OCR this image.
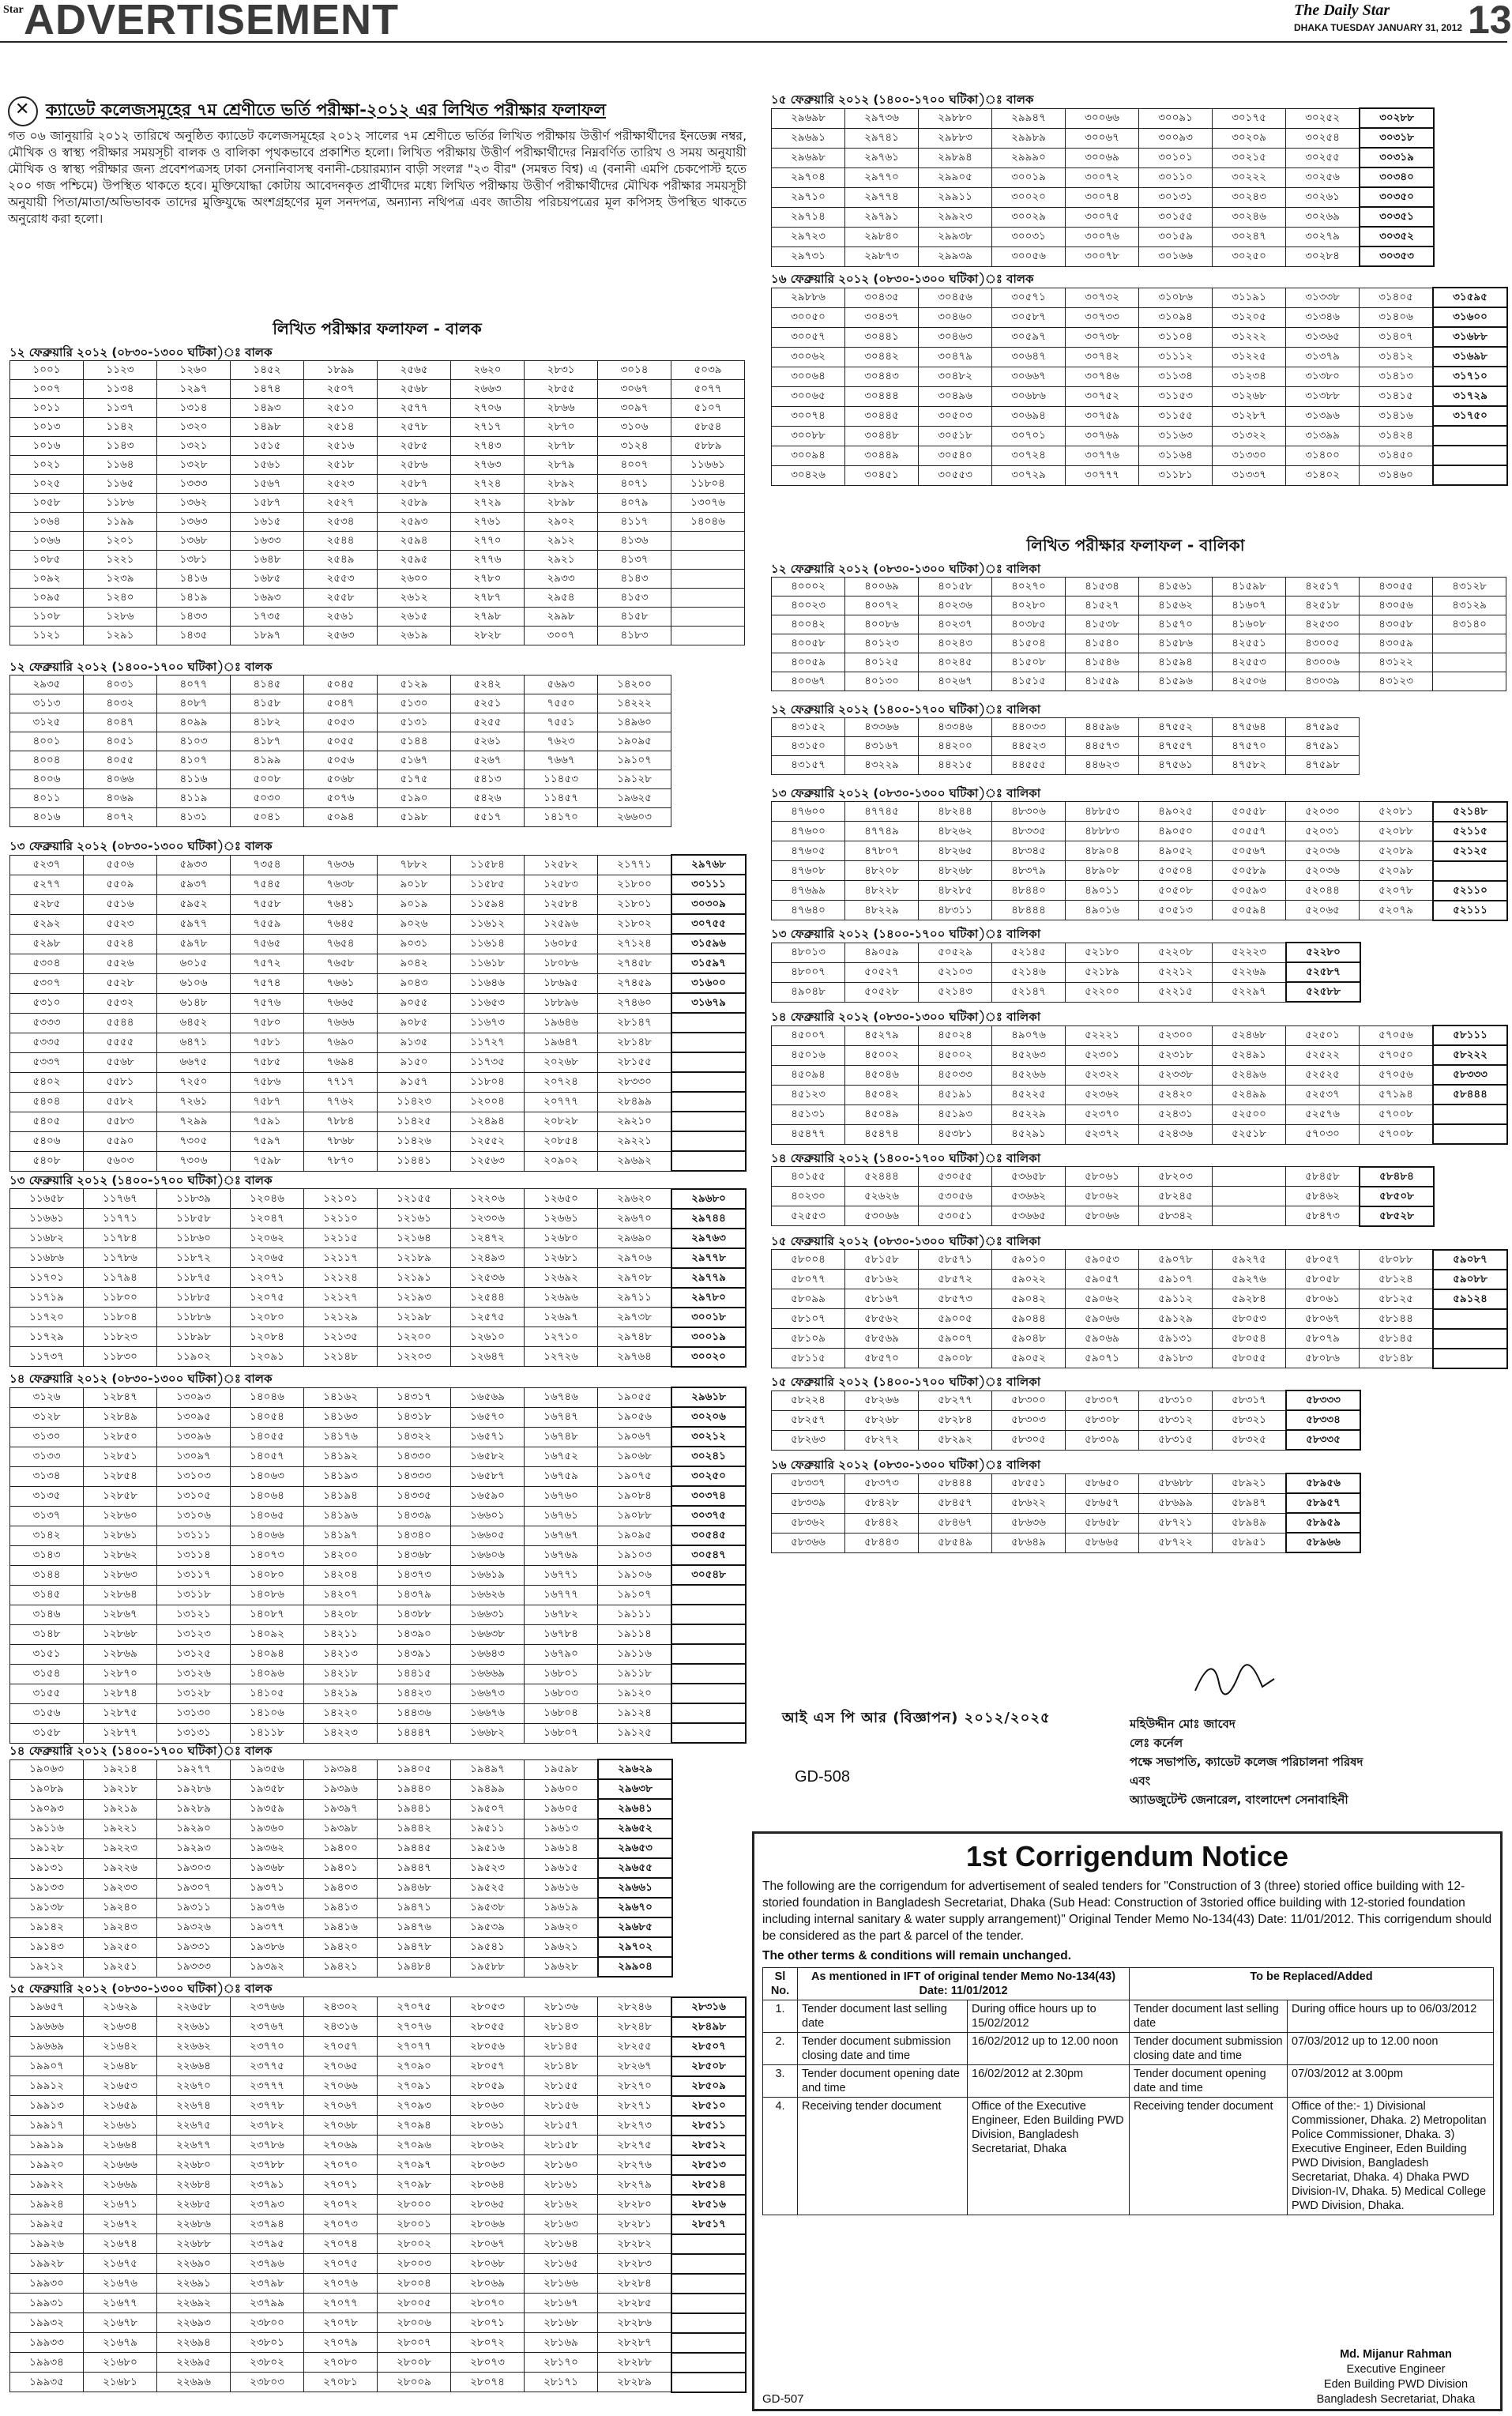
Star ADVERTISEMENT	The Daily Star
DHAKA TUESDAY JANUARY 31, 2012 13
✕
ক্যাডেট কলেজসমূহের ৭ম শ্রেণীতে ভর্তি পরীক্ষা-২০১২ এর লিখিত পরীক্ষার ফলাফল

গত ০৬ জানুয়ারি ২০১২ তারিখে অনুষ্ঠিত ক্যাডেট কলেজসমূহের ২০১২ সালের ৭ম শ্রেণীতে ভর্তির লিখিত পরীক্ষায় উত্তীর্ণ পরীক্ষার্থীদের ইনডেক্স নম্বর, মৌখিক ও স্বাস্থ্য পরীক্ষার সময়সূচী বালক ও বালিকা পৃথকভাবে প্রকাশিত হলো। লিখিত পরীক্ষায় উত্তীর্ণ পরীক্ষার্থীদের নিম্নবর্ণিত তারিখ ও সময় অনুযায়ী মৌখিক ও স্বাস্থ্য পরীক্ষার জন্য প্রবেশপত্রসহ ঢাকা সেনানিবাসস্থ বনানী-চেয়ারম্যান বাড়ী সংলগ্ন "২৩ বীর" (সমন্বত বিশ্ব) এ (বনানী এমপি চেকপোস্ট হতে ২০০ গজ পশ্চিমে) উপস্থিত থাকতে হবে। মুক্তিযোদ্ধা কোটায় আবেদনকৃত প্রার্থীদের মধ্যে লিখিত পরীক্ষায় উত্তীর্ণ পরীক্ষার্থীদের মৌখিক পরীক্ষার সময়সূচী অনুযায়ী পিতা/মাতা/অভিভাবক তাদের মুক্তিযুদ্ধে অংশগ্রহণের মূল সনদপত্র, অন্যান্য নথিপত্র এবং জাতীয় পরিচয়পত্রের মূল কপিসহ উপস্থিত থাকতে অনুরোধ করা হলো।

লিখিত পরীক্ষার ফলাফল - বালক
লিখিত পরীক্ষার ফলাফল - বালিকা
১২ ফেব্রুয়ারি ২০১২ (০৮৩০-১৩০০ ঘটিকা)ঃ বালক
১০০১	১১২৩	১২৬০	১৪৫২	১৮৯৯	২৫৬৫	২৬২০	২৮৩১	৩০১৪	৫০৩৯
১০০৭	১১৩৪	১২৯৭	১৪৭৪	২৫০৭	২৫৬৮	২৬৬৩	২৮৫৫	৩০৬৭	৫০৭৭
১০১১	১১৩৭	১৩১৪	১৪৯৩	২৫১০	২৫৭৭	২৭০৬	২৮৬৬	৩০৯৭	৫১০৭
১০১৩	১১৪২	১৩২০	১৪৯৮	২৫১৪	২৫৭৮	২৭১৭	২৮৭০	৩১০৬	৫৮৫৪
১০১৬	১১৪৩	১৩২১	১৫১৫	২৫১৬	২৫৮৫	২৭৪৩	২৮৭৮	৩১২৪	৫৮৮৯
১০২১	১১৬৪	১৩২৮	১৫৬১	২৫১৮	২৫৮৬	২৭৬৩	২৮৭৯	৪০০৭	১১৬৬১
১০২৫	১১৬৫	১৩৩৩	১৫৬৭	২৫২৩	২৫৮৭	২৭২৪	২৮৯২	৪০৭১	১১৮০৪
১০৫৮	১১৮৬	১৩৬২	১৫৮৭	২৫২৭	২৫৮৯	২৭২৯	২৮৯৮	৪০৭৯	১৩০৭৬
১০৬৪	১১৯৯	১৩৬৩	১৬১৫	২৫৩৪	২৫৯৩	২৭৬১	২৯০২	৪১১৭	১৪০৪৬
১০৬৬	১২০১	১৩৬৮	১৬৩৩	২৫৪৪	২৫৯৪	২৭৭০	২৯১২	৪১৩৬	
১০৮৫	১২২১	১৩৮১	১৬৪৮	২৫৪৯	২৫৯৫	২৭৭৬	২৯২১	৪১৩৭	
১০৯২	১২৩৯	১৪১৬	১৬৮৫	২৫৫৩	২৬০০	২৭৮০	২৯৩৩	৪১৪৩	
১০৯৫	১২৪০	১৪১৯	১৬৯৩	২৫৫৮	২৬১২	২৭৮৭	২৯৫৪	৪১৫৩	
১১০৮	১২৮৬	১৪৩৩	১৭৩৫	২৫৬১	২৬১৫	২৭৯৮	২৯৯৮	৪১৫৮	
১১২১	১২৯১	১৪৩৫	১৮৯৭	২৫৬৩	২৬১৯	২৮২৮	৩০০৭	৪১৮৩	
১২ ফেব্রুয়ারি ২০১২ (১৪০০-১৭০০ ঘটিকা)ঃ বালক
২৯৩৫	৪০৩১	৪০৭৭	৪১৪৫	৫০৪৫	৫১২৯	৫২৪২	৫৬৯৩	১৪২০০
৩১১৩	৪০৩২	৪০৮৭	৪১৫৮	৫০৪৭	৫১৩০	৫২৫১	৭৫৫০	১৪২২২
৩১২৫	৪০৪৭	৪০৯৯	৪১৮২	৫০৫৩	৫১৩১	৫২৫৫	৭৫৫১	১৪৯৬০
৪০০১	৪০৫১	৪১০৩	৪১৮৭	৫০৫৫	৫১৪৪	৫২৬১	৭৬২৩	১৯০৯৫
৪০০৪	৪০৫৫	৪১০৭	৪১৯৯	৫০৫৬	৫১৬৭	৫২৬৭	৭৬৬৭	১৯১০৭
৪০০৬	৪০৬৬	৪১১৬	৫০০৮	৫০৬৮	৫১৭৫	৫৪১৩	১১৪৫৩	১৯১২৮
৪০১১	৪০৬৯	৪১১৯	৫০৩০	৫০৭৬	৫১৯০	৫৪২৬	১১৪৫৭	১৯৬২৫
৪০১৬	৪০৭২	৪১৩১	৫০৪১	৫০৯৪	৫১৯৮	৫৫১৭	১৪১৭০	২৬৬০৩
১৩ ফেব্রুয়ারি ২০১২ (০৮৩০-১৩০০ ঘটিকা)ঃ বালক
৫২৩৭	৫৫০৬	৫৯৩৩	৭৩৫৪	৭৬৩৬	৭৮৮২	১১৫৮৪	১২৫৮২	২১৭৭১	২৯৭৬৮
৫২৭৭	৫৫০৯	৫৯৩৭	৭৫৪৫	৭৬৩৮	৯০১৮	১১৫৮৫	১২৫৮৩	২১৮০০	৩০১১১
৫২৮৫	৫৫১৬	৫৯৫২	৭৫৫৮	৭৬৪১	৯০১৯	১১৫৯৪	১২৫৮৪	২১৮০১	৩০৩০৯
৫২৯২	৫৫২৩	৫৯৭৭	৭৫৫৯	৭৬৪৫	৯০২৬	১১৬১২	১২৫৯৬	২১৮০২	৩০৭৫৫
৫২৯৮	৫৫২৪	৫৯৭৮	৭৫৬৫	৭৬৫৪	৯০৩১	১১৬১৪	১৬০৮৫	২৭১২৪	৩১৫৯৬
৫৩০৪	৫৫২৬	৬০১৫	৭৫৭২	৭৬৫৮	৯০৪২	১১৬১৮	১৮০৮৬	২৭৪৫৮	৩১৫৯৭
৫৩০৭	৫৫২৮	৬১০৬	৭৫৭৪	৭৬৬১	৯০৪৩	১১৬৪৬	১৮৬৯৫	২৭৪৫৯	৩১৬০০
৫৩১০	৫৫৩২	৬১৪৮	৭৫৭৬	৭৬৬৫	৯০৫৫	১১৬৫৩	১৮৮৯৬	২৭৪৬০	৩১৬৭৯
৫৩৩৩	৫৫৪৪	৬৪৫২	৭৫৮০	৭৬৬৬	৯০৮৫	১১৬৭৩	১৯৬৪৬	২৮১৪৭	
৫৩৩৫	৫৫৫৫	৬৪৭১	৭৫৮১	৭৬৯০	৯১৩৫	১১৭২৭	১৯৬৪৭	২৮১৪৮	
৫৩৩৭	৫৫৬৮	৬৬৭৫	৭৫৮৫	৭৬৯৪	৯১৫০	১১৭৩৫	২০২৬৮	২৮১৫৫	
৫৪০২	৫৫৮১	৭২৫০	৭৫৮৬	৭৭১৭	৯১৫৭	১১৮০৪	২০৭২৪	২৮৩৩০	
৫৪০৪	৫৫৮২	৭২৬১	৭৫৮৭	৭৭৬২	১১৪২৩	১২০০৪	২০৭৭৭	২৮৪৯৯	
৫৪০৫	৫৫৮৩	৭২৯৯	৭৫৯১	৭৮৮৪	১১৪২৫	১২৪৯৪	২০৮২৮	২৯২১০	
৫৪০৬	৫৫৯০	৭৩০৫	৭৫৯৭	৭৮৬৮	১১৪২৬	১২৫৫২	২০৮৫৪	২৯২২১	
৫৪০৮	৫৬০৩	৭৩০৬	৭৫৯৮	৭৮৭০	১১৪৪১	১২৫৬৩	২০৯০২	২৯৬৯২	
১৩ ফেব্রুয়ারি ২০১২ (১৪০০-১৭০০ ঘটিকা)ঃ বালক
১১৬৫৮	১১৭৬৭	১১৮৩৯	১২০৪৬	১২১০১	১২১৫৫	১২২০৬	১২৬৫০	২৯৬২০	২৯৬৮০
১১৬৬১	১১৭৭১	১১৮৫৮	১২০৪৭	১২১১০	১২১৬১	১২৩০৬	১২৬৬১	২৯৬৭০	২৯৭৪৪
১১৬৮২	১১৭৮৪	১১৮৬০	১২০৬২	১২১১৫	১২১৬৪	১২৪৭২	১২৬৮০	২৯৬৯০	২৯৭৬৩
১১৬৮৬	১১৭৮৬	১১৮৭২	১২০৬৫	১২১১৭	১২১৮৯	১২৪৯৩	১২৬৮১	২৯৭০৬	২৯৭৭৮
১১৭০১	১১৭৯৪	১১৮৭৫	১২০৭১	১২১২৪	১২১৯১	১২৫৩৬	১২৬৯২	২৯৭০৮	২৯৭৭৯
১১৭১৯	১১৮০০	১১৮৮৫	১২০৭৫	১২১২৭	১২১৯৩	১২৫৪৪	১২৬৯৬	২৯৭১১	২৯৭৮০
১১৭২০	১১৮০৪	১১৮৮৬	১২০৮০	১২১২৯	১২১৯৮	১২৫৭৫	১২৬৯৭	২৯৭৩৮	৩০০১৮
১১৭২৯	১১৮২৩	১১৮৯৮	১২০৮৪	১২১৩৫	১২২০০	১২৬১০	১২৭১০	২৯৭৪৮	৩০০১৯
১১৭৩৭	১১৮৩০	১১৯০২	১২০৯১	১২১৪৮	১২২০৩	১২৬৪৭	১২৭২৬	২৯৭৬৪	৩০০২০
১৪ ফেব্রুয়ারি ২০১২ (০৮৩০-১৩০০ ঘটিকা)ঃ বালক
৩১২৬	১২৮৪৭	১৩০৯৩	১৪০৪৬	১৪১৬২	১৪৩১৭	১৬৫৬৯	১৬৭৪৬	১৯০৫৫	২৯৬১৮
৩১২৮	১২৮৪৯	১৩০৯৫	১৪০৫৪	১৪১৬৩	১৪৩১৮	১৬৫৭০	১৬৭৪৭	১৯০৫৬	৩০২০৬
৩১৩০	১২৮৫০	১৩০৯৬	১৪০৫৫	১৪১৭৬	১৪৩২২	১৬৫৭১	১৬৭৪৮	১৯০৬৭	৩০২১২
৩১৩৩	১২৮৫১	১৩০৯৭	১৪০৫৭	১৪১৯২	১৪৩৩০	১৬৫৮২	১৬৭৫২	১৯০৬৮	৩০২৪১
৩১৩৪	১২৮৫৪	১৩১০৩	১৪০৬৩	১৪১৯৩	১৪৩৩৩	১৬৫৮৭	১৬৭৫৯	১৯০৭৫	৩০২৫০
৩১৩৫	১২৮৫৮	১৩১০৫	১৪০৬৪	১৪১৯৪	১৪৩৩৫	১৬৫৯০	১৬৭৬০	১৯০৮৪	৩০৩৭৪
৩১৩৭	১২৮৬০	১৩১০৬	১৪০৬৫	১৪১৯৬	১৪৩৩৯	১৬৬০১	১৬৭৬১	১৯০৮৮	৩০৩৭৫
৩১৪২	১২৮৬১	১৩১১১	১৪০৬৬	১৪১৯৭	১৪৩৪০	১৬৬০৫	১৬৭৬৭	১৯০৯৫	৩০৫৪৫
৩১৪৩	১২৮৬২	১৩১১৪	১৪০৭৩	১৪২০০	১৪৩৬৮	১৬৬০৬	১৬৭৬৯	১৯১০৩	৩০৫৪৭
৩১৪৪	১২৮৬৩	১৩১১৭	১৪০৮০	১৪২০৪	১৪৩৭৩	১৬৬১৯	১৬৭৭১	১৯১০৬	৩০৫৪৮
৩১৪৫	১২৮৬৪	১৩১১৮	১৪০৮৬	১৪২০৭	১৪৩৭৯	১৬৬২৬	১৬৭৭৭	১৯১০৭	
৩১৪৬	১২৮৬৭	১৩১২১	১৪০৮৭	১৪২০৮	১৪৩৮৮	১৬৬৩১	১৬৭৮২	১৯১১১	
৩১৪৮	১২৮৬৮	১৩১২৩	১৪০৯২	১৪২১১	১৪৩৯০	১৬৬৩৮	১৬৭৮৪	১৯১১৪	
৩১৫১	১২৮৬৯	১৩১২৫	১৪০৯৪	১৪২১৩	১৪৩৯১	১৬৬৪৩	১৬৭৯০	১৯১১৬	
৩১৫৪	১২৮৭০	১৩১২৬	১৪০৯৬	১৪২১৮	১৪৪১৫	১৬৬৬৯	১৬৮০১	১৯১১৮	
৩১৫৫	১২৮৭৪	১৩১২৮	১৪১০৫	১৪২১৯	১৪৪২৩	১৬৬৭৩	১৬৮০৩	১৯১২০	
৩১৫৬	১২৮৭৫	১৩১৩০	১৪১০৬	১৪২২০	১৪৪৩৬	১৬৬৭৬	১৬৮০৪	১৯১২৪	
৩১৫৮	১২৮৭৭	১৩১৩১	১৪১১৮	১৪২২৩	১৪৪৪৭	১৬৬৮২	১৬৮০৭	১৯১২৫	
১৪ ফেব্রুয়ারি ২০১২ (১৪০০-১৭০০ ঘটিকা)ঃ বালক
১৯০৬৩	১৯২১৪	১৯২৭৭	১৯৩৫৬	১৯৩৯৪	১৯৪০৫	১৯৪৯৭	১৯৫৯৮	২৯৬২৯
১৯০৮৯	১৯২১৮	১৯২৮৬	১৯৩৫৮	১৯৩৯৬	১৯৪৪০	১৯৪৯৯	১৯৬০০	২৯৬৩৮
১৯০৯৩	১৯২১৯	১৯২৮৯	১৯৩৫৯	১৯৩৯৭	১৯৪৪১	১৯৫০৭	১৯৬০৫	২৯৬৪১
১৯১১৬	১৯২২১	১৯২৯০	১৯৩৬০	১৯৩৯৮	১৯৪৪২	১৯৫১১	১৯৬১৩	২৯৬৫২
১৯১২৮	১৯২২৩	১৯২৯৩	১৯৩৬২	১৯৪০০	১৯৪৪৫	১৯৫১৬	১৯৬১৪	২৯৬৫৩
১৯১৩১	১৯২২৬	১৯৩০৩	১৯৩৬৮	১৯৪০১	১৯৪৪৭	১৯৫২৩	১৯৬১৫	২৯৬৫৫
১৯১৩৩	১৯২৩৩	১৯৩০৭	১৯৩৭১	১৯৪০৩	১৯৪৬৮	১৯৫২৫	১৯৬১৬	২৯৬৬১
১৯১৩৮	১৯২৪০	১৯৩১১	১৯৩৭৬	১৯৪১৩	১৯৪৭১	১৯৫৩৮	১৯৬১৯	২৯৬৭০
১৯১৪২	১৯২৪৩	১৯৩২৬	১৯৩৭৭	১৯৪১৬	১৯৪৭৬	১৯৫৩৯	১৯৬২০	২৯৬৮৫
১৯১৪৩	১৯২৫০	১৯৩৩১	১৯৩৮৬	১৯৪২০	১৯৪৭৮	১৯৫৪১	১৯৬২১	২৯৭০২
১৯২১২	১৯২৫১	১৯৩৩৩	১৯৩৯২	১৯৪২১	১৯৪৮৪	১৯৫৮৮	১৯৬২৮	২৯৯০৪
১৫ ফেব্রুয়ারি ২০১২ (০৮৩০-১৩০০ ঘটিকা)ঃ বালক
১৯৬৫৭	২১৬২৯	২২৬৫৮	২৩৭৬৬	২৪৩০২	২৭০৭৫	২৮০৫৩	২৮১৩৬	২৮২৪৬	২৮৩১৬
১৯৬৬৬	২১৬৩৪	২২৬৬১	২৩৭৬৭	২৪৩১৬	২৭০৭৬	২৮০৫৫	২৮১৪৩	২৮২৪৮	২৮৪৯৮
১৯৬৬৯	২১৬৪২	২২৬৬২	২৩৭৭০	২৭০৫৭	২৭০৭৭	২৮০৫৬	২৮১৪৫	২৮২৫৫	২৮৫০৭
১৯৯০৭	২১৬৪৮	২২৬৬৪	২৩৭৭৫	২৭০৬৫	২৭০৯০	২৮০৫৭	২৮১৪৮	২৮২৬৭	২৮৫০৮
১৯৯১২	২১৬৫৩	২২৬৭০	২৩৭৭৭	২৭০৬৬	২৭০৯১	২৮০৫৯	২৮১৫৫	২৮২৭০	২৮৫০৯
১৯৯১৩	২১৬৫৯	২২৬৭৪	২৩৭৭৮	২৭০৬৭	২৭০৯৩	২৮০৬০	২৮১৫৬	২৮২৭১	২৮৫১০
১৯৯১৭	২১৬৬১	২২৬৭৫	২৩৭৮২	২৭০৬৮	২৭০৯৪	২৮০৬১	২৮১৫৭	২৮২৭৩	২৮৫১১
১৯৯১৯	২১৬৬৪	২২৬৭৭	২৩৭৮৬	২৭০৬৯	২৭০৯৬	২৮০৬২	২৮১৫৮	২৮২৭৫	২৮৫১২
১৯৯২০	২১৬৬৬	২২৬৮০	২৩৭৮৮	২৭০৭০	২৭০৯৭	২৮০৬৩	২৮১৬০	২৮২৭৬	২৮৫১৩
১৯৯২২	২১৬৬৯	২২৬৮৪	২৩৭৯১	২৭০৭১	২৭০৯৮	২৮০৬৪	২৮১৬১	২৮২৭৯	২৮৫১৪
১৯৯২৪	২১৬৭১	২২৬৮৫	২৩৭৯৩	২৭০৭২	২৮০০০	২৮০৬৫	২৮১৬২	২৮২৮০	২৮৫১৬
১৯৯২৫	২১৬৭২	২২৬৮৬	২৩৭৯৪	২৭০৭৩	২৮০০১	২৮০৬৬	২৮১৬৩	২৮২৮১	২৮৫১৭
১৯৯২৬	২১৬৭৪	২২৬৮৮	২৩৭৯৫	২৭০৭৪	২৮০০২	২৮০৬৭	২৮১৬৪	২৮২৮২	
১৯৯২৮	২১৬৭৫	২২৬৯০	২৩৭৯৬	২৭০৭৫	২৮০০৩	২৮০৬৮	২৮১৬৫	২৮২৮৩	
১৯৯৩০	২১৬৭৬	২২৬৯১	২৩৭৯৮	২৭০৭৬	২৮০০৪	২৮০৬৯	২৮১৬৬	২৮২৮৪	
১৯৯৩১	২১৬৭৭	২২৬৯২	২৩৭৯৯	২৭০৭৭	২৮০০৫	২৮০৭০	২৮১৬৭	২৮২৮৫	
১৯৯৩২	২১৬৭৮	২২৬৯৩	২৩৮০০	২৭০৭৮	২৮০০৬	২৮০৭১	২৮১৬৮	২৮২৮৬	
১৯৯৩৩	২১৬৭৯	২২৬৯৪	২৩৮০১	২৭০৭৯	২৮০০৭	২৮০৭২	২৮১৬৯	২৮২৮৭	
১৯৯৩৪	২১৬৮০	২২৬৯৫	২৩৮০২	২৭০৮০	২৮০০৮	২৮০৭৩	২৮১৭০	২৮২৮৮	
১৯৯৩৫	২১৬৮১	২২৬৯৬	২৩৮০৩	২৭০৮১	২৮০০৯	২৮০৭৪	২৮১৭১	২৮২৮৯	
১৫ ফেব্রুয়ারি ২০১২ (১৪০০-১৭০০ ঘটিকা)ঃ বালক
২৯৬৯৮	২৯৭৩৬	২৯৮৮০	২৯৯৪৭	৩০০৬৬	৩০০৯১	৩০১৭৫	৩০২৫২	৩০২৮৮
২৯৬৯১	২৯৭৪১	২৯৮৮৩	২৯৯৮৯	৩০০৬৭	৩০০৯৩	৩০২০৯	৩০২৫৪	৩০৩১৮
২৯৬৯৮	২৯৭৬১	২৯৮৯৪	২৯৯৯০	৩০০৬৯	৩০১০১	৩০২১৫	৩০২৫৫	৩০৩১৯
২৯৭০৪	২৯৭৭০	২৯৯০৫	৩০০১৯	৩০০৭২	৩০১১০	৩০২২২	৩০২৫৬	৩০৩৪০
২৯৭১০	২৯৭৭৪	২৯৯১১	৩০০২০	৩০০৭৪	৩০১৩১	৩০২৪৩	৩০২৬১	৩০৩৫০
২৯৭১৪	২৯৭৯১	২৯৯২৩	৩০০২৯	৩০০৭৫	৩০১৫৫	৩০২৪৬	৩০২৬৯	৩০৩৫১
২৯৭২৩	২৯৮৪০	২৯৯৩৮	৩০০৩১	৩০০৭৬	৩০১৫৯	৩০২৪৭	৩০২৭৯	৩০৩৫২
২৯৭৩১	২৯৮৭৩	২৯৯৩৯	৩০০৫৬	৩০০৭৮	৩০১৬৬	৩০২৫০	৩০২৮৪	৩০৩৫৩
১৬ ফেব্রুয়ারি ২০১২ (০৮৩০-১৩০০ ঘটিকা)ঃ বালক
২৯৮৮৬	৩০৪৩৫	৩০৪৫৬	৩০৫৭১	৩০৭৩২	৩১০৮৬	৩১১৯১	৩১৩৩৮	৩১৪০৫	৩১৫৯৫
৩০০৫০	৩০৪৩৭	৩০৪৬০	৩০৫৮৭	৩০৭৩৩	৩১০৯৪	৩১২০৫	৩১৩৪৬	৩১৪০৬	৩১৬০০
৩০০৫৭	৩০৪৪১	৩০৪৬৩	৩০৫৯৭	৩০৭৩৮	৩১১০৪	৩১২২২	৩১৩৬৫	৩১৪০৭	৩১৬৮৮
৩০০৬২	৩০৪৪২	৩০৪৭৯	৩০৬৪৭	৩০৭৪২	৩১১১২	৩১২২৫	৩১৩৭৯	৩১৪১২	৩১৬৯৮
৩০০৬৪	৩০৪৪৩	৩০৪৮২	৩০৬৬৭	৩০৭৪৬	৩১১৩৪	৩১২৩৪	৩১৩৮০	৩১৪১৩	৩১৭১০
৩০০৬৫	৩০৪৪৪	৩০৪৯৬	৩০৬৮৬	৩০৭৫২	৩১১৫৩	৩১২৬৮	৩১৩৮৮	৩১৪১৫	৩১৭২৯
৩০০৭৪	৩০৪৪৫	৩০৫০৩	৩০৬৯৪	৩০৭৫৯	৩১১৫৫	৩১২৮৭	৩১৩৯৬	৩১৪১৬	৩১৭৫০
৩০০৮৮	৩০৪৪৮	৩০৫১৮	৩০৭০১	৩০৭৬৯	৩১১৬৩	৩১৩২২	৩১৩৯৯	৩১৪২৪	
৩০০৯৪	৩০৪৪৯	৩০৫৪০	৩০৭২৪	৩০৭৭৬	৩১১৬৪	৩১৩৩০	৩১৪০০	৩১৪৫০	
৩০৪২৬	৩০৪৫১	৩০৫৫৩	৩০৭২৯	৩০৭৭৭	৩১১৮১	৩১৩৩৭	৩১৪০২	৩১৪৬০	
১২ ফেব্রুয়ারি ২০১২ (০৮৩০-১৩০০ ঘটিকা)ঃ বালিকা
৪০০০২	৪০০৬৯	৪০১৫৮	৪০২৭০	৪১৫৩৪	৪১৫৬১	৪১৫৯৮	৪২৫১৭	৪৩০৫৫	৪৩১২৮
৪০০২৩	৪০০৭২	৪০২৩৬	৪০২৮০	৪১৫২৭	৪১৫৬২	৪১৬০৭	৪২৫১৮	৪৩০৫৬	৪৩১২৯
৪০০৪২	৪০০৮৬	৪০২৩৭	৪০৩৮৫	৪১৫৩৮	৪১৫৭০	৪১৬০৮	৪২৫৩০	৪৩০৫৮	৪৩১৪০
৪০০৫৮	৪০১২৩	৪০২৪৩	৪১৫০৪	৪১৫৪০	৪১৫৮৬	৪২৫৫১	৪৩০০৫	৪৩০৫৯	
৪০০৫৯	৪০১২৫	৪০২৪৫	৪১৫০৮	৪১৫৪৬	৪১৫৯৪	৪২৫৫৩	৪৩০০৬	৪৩১২২	
৪০০৬৭	৪০১৩০	৪০২৬৭	৪১৫১৫	৪১৫৫৯	৪১৫৯৬	৪২৫০৬	৪৩০৩৯	৪৩১২৩	
১২ ফেব্রুয়ারি ২০১২ (১৪০০-১৭০০ ঘটিকা)ঃ বালিকা
৪৩১৫২	৪৩৩৬৬	৪৩৩৪৬	৪৪০৩৩	৪৪৫৯৬	৪৭৫৫২	৪৭৫৬৪	৪৭৫৯৫
৪৩১৫০	৪৩১৬৭	৪৪২০০	৪৪৫২৩	৪৪৫৭৩	৪৭৫৫৭	৪৭৫৭০	৪৭৫৯১
৪৩১৫৭	৪৩২২৯	৪৪২১৫	৪৪৫৫৫	৪৪৬২৩	৪৭৫৬১	৪৭৫৮২	৪৭৫৯৮
১৩ ফেব্রুয়ারি ২০১২ (০৮৩০-১৩০০ ঘটিকা)ঃ বালিকা
৪৭৬০০	৪৭৭৪৫	৪৮২৪৪	৪৮৩০৬	৪৮৮৫৩	৪৯০২৫	৫০৫৫৮	৫২০৩০	৫২০৮১	৫২১৪৮
৪৭৬০০	৪৭৭৪৯	৪৮২৬২	৪৮৩৩৫	৪৮৮৮৩	৪৯০৫০	৫০৫৫৭	৫২০৩১	৫২০৮৮	৫২১১৫
৪৭৬০৫	৪৭৮০৭	৪৮২৬৫	৪৮৩৪৫	৪৮৯০৪	৪৯০৫২	৫০৫৬৭	৫২০৩৬	৫২০৮৯	৫২১২৫
৪৭৬০৮	৪৮২০৮	৪৮২৬৮	৪৮৩৭৯	৪৮৯০৮	৫০৫০৪	৫০৫৮৯	৫২০৩৬	৫২০৯৮	
৪৭৬৯৯	৪৮২২৮	৪৮২৮৫	৪৮৪৪০	৪৯০১১	৫০৫০৮	৫০৫৯৩	৫২০৪৪	৫২০৭৮	৫২১১০
৪৭৬৪০	৪৮২২৯	৪৮৩১১	৪৮৪৪৪	৪৯০১৬	৫০৫১৩	৫০৫৯৪	৫২০৬৫	৫২০৭৯	৫২১১১
১৩ ফেব্রুয়ারি ২০১২ (১৪০০-১৭০০ ঘটিকা)ঃ বালিকা
৪৮০১৩	৪৯০৫৯	৫০৫২৯	৫২১৪৫	৫২১৮০	৫২২০৮	৫২২২৩	৫২২৮০
৪৮০০৭	৫০৫২৭	৫২১০৩	৫২১৪৬	৫২১৮৯	৫২২১২	৫২২৬৯	৫২৫৮৭
৪৯০৪৮	৫০৫২৮	৫২১৪৩	৫২১৪৭	৫২২০০	৫২২১৫	৫২২৯৭	৫২৫৮৮
১৪ ফেব্রুয়ারি ২০১২ (০৮৩০-১৩০০ ঘটিকা)ঃ বালিকা
৪৫০০৭	৪৫২৭৯	৪৫০২৪	৪৯০৭৬	৫২২২১	৫২৩০০	৫২৪৬৮	৫২৫০১	৫৭০৫৬	৫৮১১১
৪৫০১৬	৪৫০০২	৪৫০০২	৪৫২৬৩	৫২৩০১	৫২৩১৮	৫২৪৯১	৫২৫২২	৫৭০৫০	৫৮২২২
৪৫০৯৪	৪৫০৪৬	৪৫০৩৩	৪৫২৬৬	৫২৩২২	৫২৩৩৮	৫২৪৯৬	৫২৫২৫	৫৭০৫৬	৫৮৩৩৩
৪৫১২৩	৪৫০৪২	৪৫১৯১	৪৫২২৫	৫২৩৬২	৫২৪২০	৫২৪৯৯	৫২৫৩৭	৫৭১৯৪	৫৮৪৪৪
৪৫১৩১	৪৫০৪৯	৪৫১৯৩	৪৫২২৯	৫২৩৭০	৫২৪৩১	৫২৫০০	৫২৫৭৬	৫৭০০৮	
৪৫৪৭৭	৪৫৪৭৪	৪৫৩৮১	৪৫২৯১	৫২৩৭২	৫২৪৩৬	৫২৫১৮	৫৭০৩০	৫৭০০৮	
১৪ ফেব্রুয়ারি ২০১২ (১৪০০-১৭০০ ঘটিকা)ঃ বালিকা
৪০১৫৫	৫২৪৪৪	৫৩০৫৫	৫৩৬৫৮	৫৮০৬১	৫৮২০৩		৫৮৪৫৮	৫৮৪৮৪
৪০২৩০	৫২৬২৬	৫৩০৫৬	৫৩৬৬২	৫৮০৬২	৫৮২৪৫		৫৮৪৬২	৫৮৫০৮
৫২৫৫৩	৫৩০৬৬	৫৩০৫১	৫৩৬৬৫	৫৮০৬৬	৫৮৩৪২		৫৮৪৭৩	৫৮৫২৮
১৫ ফেব্রুয়ারি ২০১২ (০৮৩০-১৩০০ ঘটিকা)ঃ বালিকা
৫৮০০৪	৫৮১৫৮	৫৮৫৭১	৫৯০১০	৫৯০৫৩	৫৯০৭৮	৫৯২৭৫	৫৮০৫৭	৫৮০৮৮	৫৯০৮৭
৫৮০৭৭	৫৮১৬২	৫৮৫৭২	৫৯০২২	৫৯০৫৭	৫৯১০৭	৫৯২৭৬	৫৮০৫৮	৫৮১২৪	৫৯০৮৮
৫৮০৯৯	৫৮১৬৭	৫৮৫৭৩	৫৯০৪২	৫৯০৬২	৫৯১১২	৫৯২৮৪	৫৮০৬১	৫৮১২৫	৫৯১২৪
৫৮১০৭	৫৮৫৬২	৫৯০০৫	৫৯০৪৪	৫৯০৬৬	৫৯১২৯	৫৮০৫৩	৫৮০৬৭	৫৮১৪৪	
৫৮১০৯	৫৮৫৬৯	৫৯০০৭	৫৯০৪৮	৫৯০৬৯	৫৯১৩১	৫৮০৫৪	৫৮০৭৯	৫৮১৪৫	
৫৮১১৫	৫৮৫৭০	৫৯০০৮	৫৯০৫২	৫৯০৭১	৫৯১৮৩	৫৮০৫৫	৫৮০৮৬	৫৮১৪৮	
১৫ ফেব্রুয়ারি ২০১২ (১৪০০-১৭০০ ঘটিকা)ঃ বালিকা
৫৮২২৪	৫৮২৬৬	৫৮২৭৭	৫৮৩০০	৫৮৩০৭	৫৮৩১০	৫৮৩১৭	৫৮৩৩৩
৫৮২৫৭	৫৮২৬৮	৫৮২৮৪	৫৮৩০৩	৫৮৩০৮	৫৮৩১২	৫৮৩২১	৫৮৩৩৪
৫৮২৬৩	৫৮২৭২	৫৮২৯২	৫৮৩০৫	৫৮৩০৯	৫৮৩১৫	৫৮৩২৫	৫৮৩৩৫
১৬ ফেব্রুয়ারি ২০১২ (০৮৩০-১৩০০ ঘটিকা)ঃ বালিকা
৫৮৩৩৭	৫৮৩৭৩	৫৮৪৪৪	৫৮৫৫১	৫৮৬৫০	৫৮৬৮৮	৫৮৯২১	৫৮৯৫৬
৫৮৩৩৯	৫৮৪২৮	৫৮৪৫৭	৫৮৬২২	৫৮৬৫৭	৫৮৬৯৯	৫৮৯৪৭	৫৮৯৫৭
৫৮৩৬২	৫৮৪৪২	৫৮৪৬৭	৫৮৬৩৬	৫৮৬৫৮	৫৮৭২১	৫৮৯৪৯	৫৮৯৫৯
৫৮৩৬৬	৫৮৪৪৩	৫৮৫৪৯	৫৮৬৪৯	৫৮৬৬৫	৫৮৭২২	৫৮৯৫১	৫৮৯৬৬
আই এস পি আর (বিজ্ঞাপন) ২০১২/২০২৫
GD-508
মহিউদ্দীন মোঃ জাবেদ
লেঃ কর্নেল
পক্ষে সভাপতি, ক্যাডেট কলেজ পরিচালনা পরিষদ
এবং
অ্যাডজুটেন্ট জেনারেল, বাংলাদেশ সেনাবাহিনী
1st Corrigendum Notice

The following are the corrigendum for advertisement of sealed tenders for "Construction of 3 (three) storied office building with 12-storied foundation in Bangladesh Secretariat, Dhaka (Sub Head: Construction of 3storied office building with 12-storied foundation including internal sanitary & water supply arrangement)" Original Tender Memo No-134(43) Date: 11/01/2012. This corrigendum should be considered as the part & parcel of the tender.

The other terms & conditions will remain unchanged.

Sl No.	As mentioned in IFT of original tender Memo No-134(43) Date: 11/01/2012		To be Replaced/Added	
1.	Tender document last selling date	During office hours up to 15/02/2012	Tender document last selling date	During office hours up to 06/03/2012
2.	Tender document submission closing date and time	16/02/2012 up to 12.00 noon	Tender document submission closing date and time	07/03/2012 up to 12.00 noon
3.	Tender document opening date and time	16/02/2012 at 2.30pm	Tender document opening date and time	07/03/2012 at 3.00pm
4.	Receiving tender document	Office of the Executive Engineer, Eden Building PWD Division, Bangladesh Secretariat, Dhaka	Receiving tender document	Office of the:- 1) Divisional Commissioner, Dhaka. 2) Metropolitan Police Commissioner, Dhaka. 3) Executive Engineer, Eden Building PWD Division, Bangladesh Secretariat, Dhaka. 4) Dhaka PWD Division-IV, Dhaka. 5) Medical College PWD Division, Dhaka.
Md. Mijanur Rahman
Executive Engineer
Eden Building PWD Division
Bangladesh Secretariat, Dhaka
GD-507
